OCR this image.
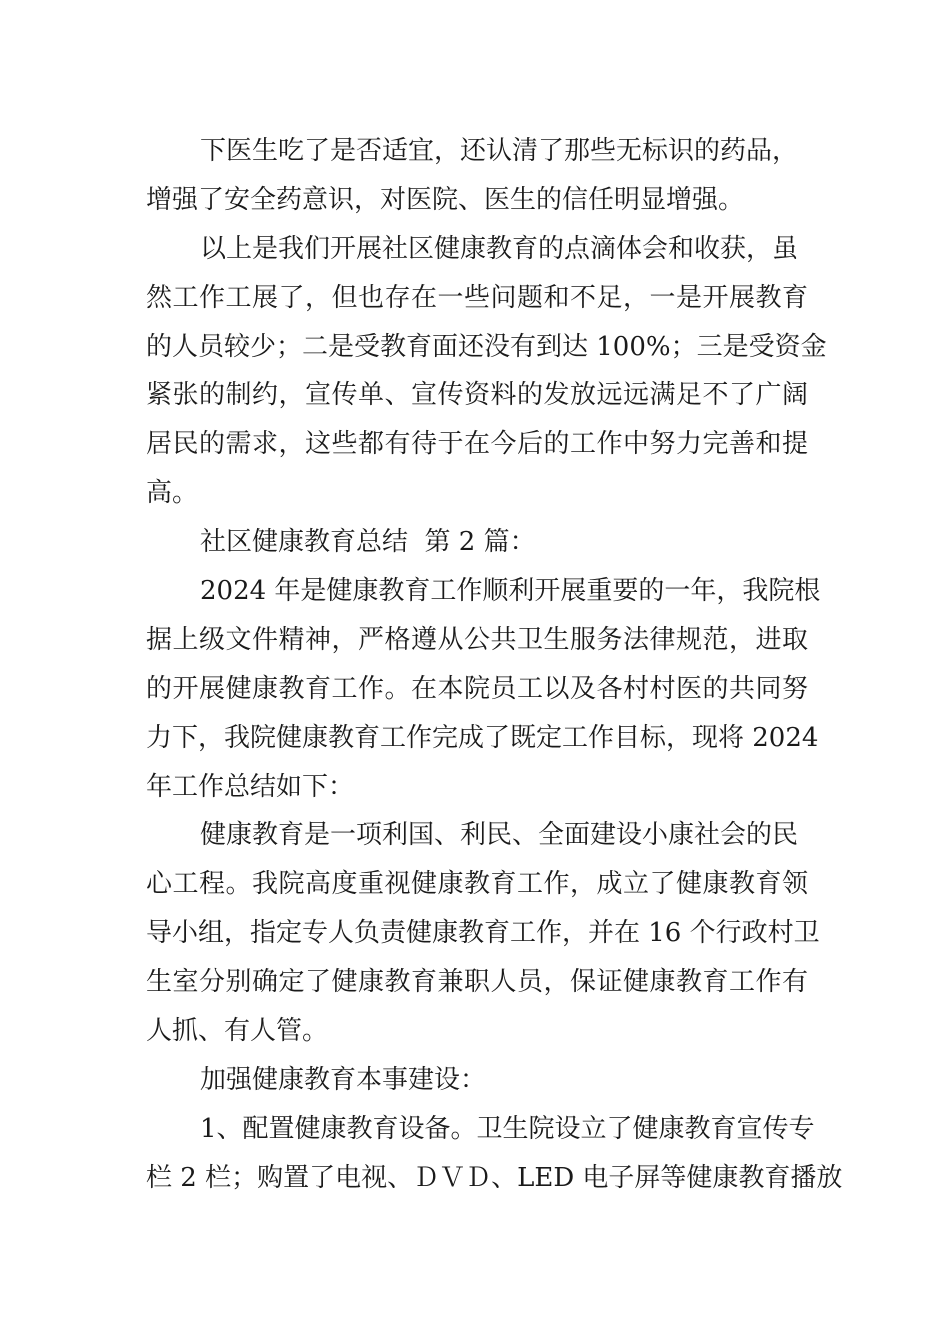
下医生吃了是否适宜，还认清了那些无标识的药品，
增强了安全药意识，对医院、医生的信任明显增强。
以上是我们开展社区健康教育的点滴体会和收获，虽
然工作工展了，但也存在一些问题和不足，一是开展教育
的人员较少；二是受教育面还没有到达 100%；三是受资金
紧张的制约，宣传单、宣传资料的发放远远满足不了广阔
居民的需求，这些都有待于在今后的工作中努力完善和提
高。
社区健康教育总结  第 2 篇：
2024 年是健康教育工作顺利开展重要的一年，我院根
据上级文件精神，严格遵从公共卫生服务法律规范，进取
的开展健康教育工作。在本院员工以及各村村医的共同努
力下，我院健康教育工作完成了既定工作目标，现将 2024
年工作总结如下：
健康教育是一项利国、利民、全面建设小康社会的民
心工程。我院高度重视健康教育工作，成立了健康教育领
导小组，指定专人负责健康教育工作，并在 16 个行政村卫
生室分别确定了健康教育兼职人员，保证健康教育工作有
人抓、有人管。
加强健康教育本事建设：
1、配置健康教育设备。卫生院设立了健康教育宣传专
栏 2 栏；购置了电视、ＤＶＤ、LED 电子屏等健康教育播放
